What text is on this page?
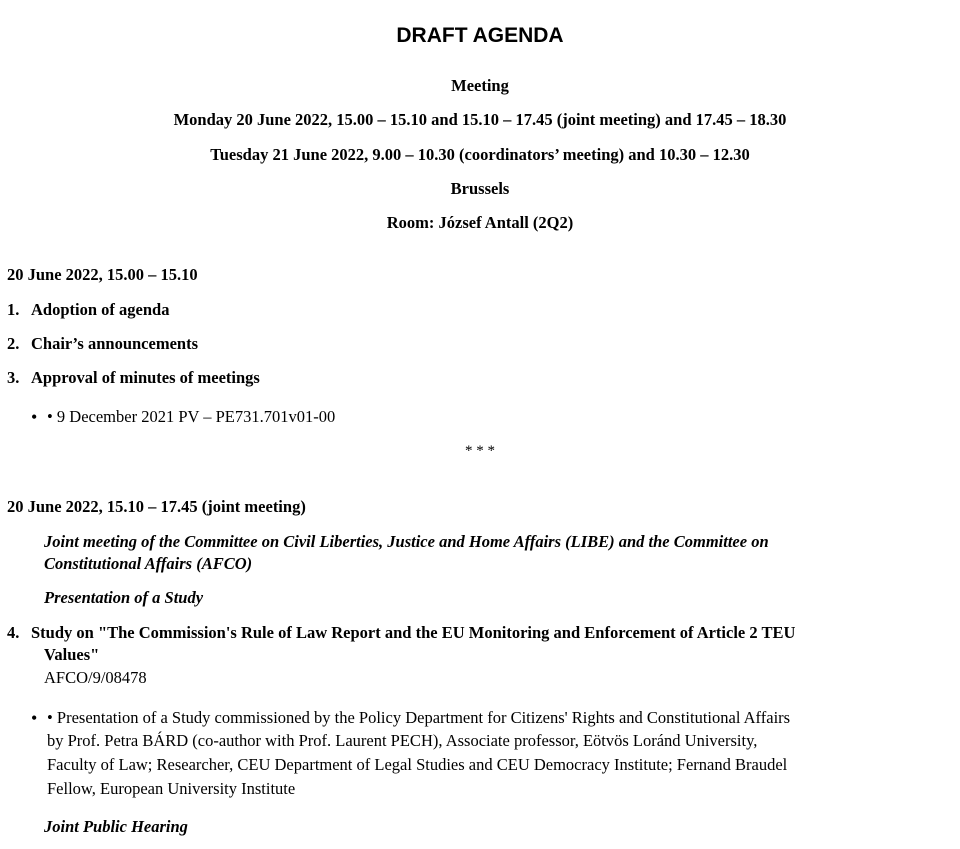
DRAFT AGENDA
Meeting
Monday 20 June 2022, 15.00 – 15.10 and 15.10 – 17.45 (joint meeting) and 17.45 – 18.30
Tuesday 21 June 2022, 9.00 – 10.30 (coordinators’ meeting) and 10.30 – 12.30
Brussels
Room: József Antall (2Q2)
20 June 2022, 15.00 – 15.10
1. Adoption of agenda
2. Chair’s announcements
3. Approval of minutes of meetings
• • 9 December 2021 PV – PE731.701v01-00
* * *
20 June 2022, 15.10 – 17.45 (joint meeting)
Joint meeting of the Committee on Civil Liberties, Justice and Home Affairs (LIBE) and the Committee on
Constitutional Affairs (AFCO)
Presentation of a Study
4. Study on "The Commission's Rule of Law Report and the EU Monitoring and Enforcement of Article 2 TEU
Values"
AFCO/9/08478
• • Presentation of a Study commissioned by the Policy Department for Citizens' Rights and Constitutional Affairs
by Prof. Petra BÁRD (co-author with Prof. Laurent PECH), Associate professor, Eötvös Loránd University,
Faculty of Law; Researcher, CEU Department of Legal Studies and CEU Democracy Institute; Fernand Braudel
Fellow, European University Institute
Joint Public Hearing
